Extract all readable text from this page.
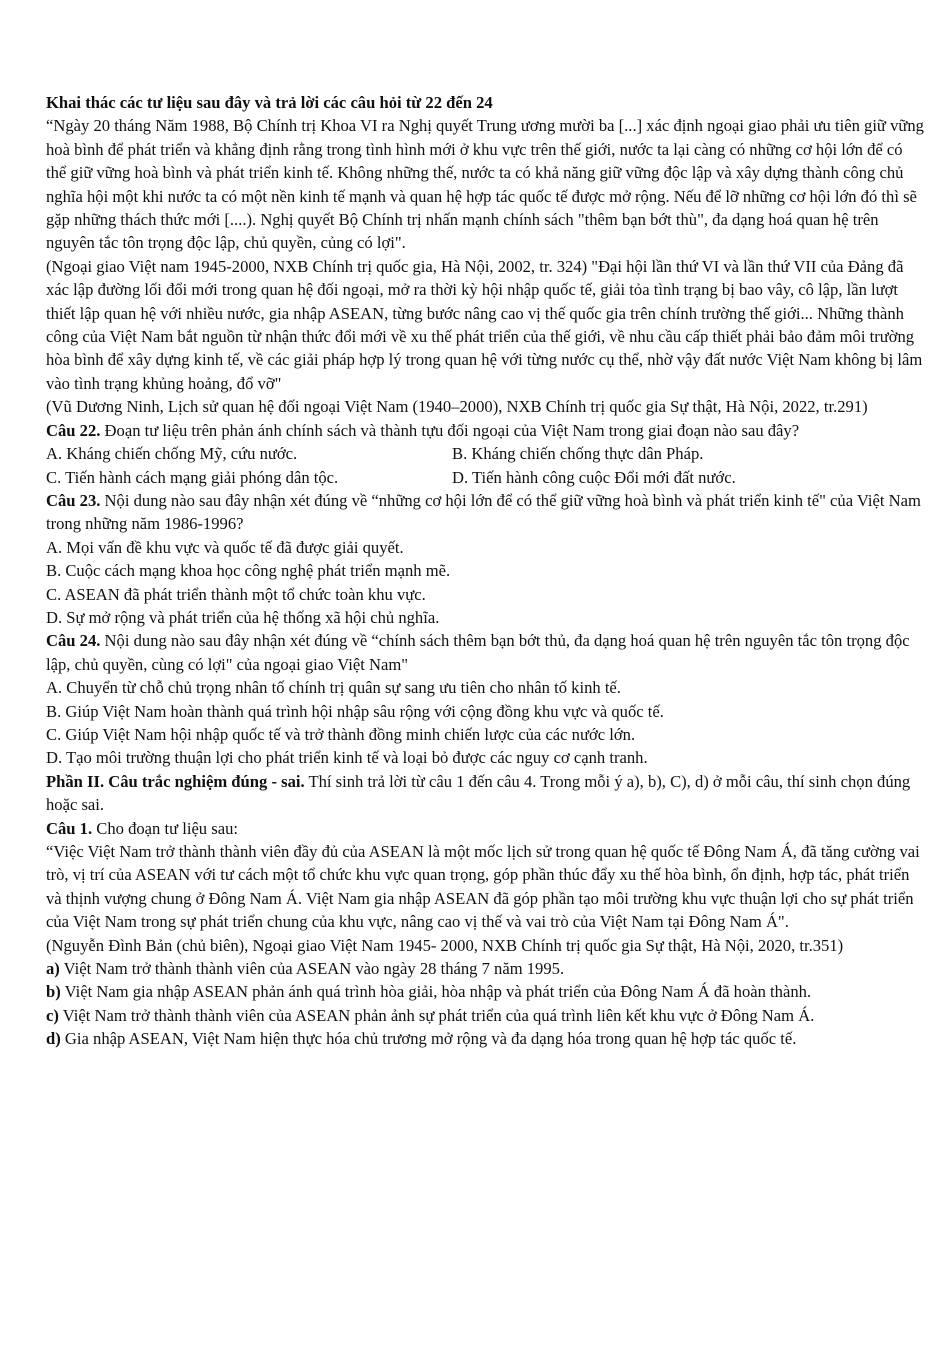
Khai thác các tư liệu sau đây và trả lời các câu hỏi từ 22 đến 24

“Ngày 20 tháng Năm 1988, Bộ Chính trị Khoa VI ra Nghị quyết Trung ương mười ba [...] xác định ngoại giao phải ưu tiên giữ vững hoà bình để phát triển và khẳng định rằng trong tình hình mới ở khu vực trên thế giới, nước ta lại càng có những cơ hội lớn để có thể giữ vững hoà bình và phát triển kinh tế. Không những thế, nước ta có khả năng giữ vững độc lập và xây dựng thành công chủ nghĩa hội một khi nước ta có một nền kinh tế mạnh và quan hệ hợp tác quốc tế được mở rộng. Nếu để lỡ những cơ hội lớn đó thì sẽ gặp những thách thức mới [....). Nghị quyết Bộ Chính trị nhấn mạnh chính sách "thêm bạn bớt thù", đa dạng hoá quan hệ trên nguyên tắc tôn trọng độc lập, chủ quyền, củng có lợi".

(Ngoại giao Việt nam 1945-2000, NXB Chính trị quốc gia, Hà Nội, 2002, tr. 324) "Đại hội lần thứ VI và lần thứ VII của Đảng đã xác lập đường lối đổi mới trong quan hệ đối ngoại, mở ra thời kỳ hội nhập quốc tế, giải tỏa tình trạng bị bao vây, cô lập, lần lượt thiết lập quan hệ với nhiều nước, gia nhập ASEAN, từng bước nâng cao vị thế quốc gia trên chính trường thế giới... Những thành công của Việt Nam bắt nguồn từ nhận thức đổi mới về xu thế phát triển của thế giới, về nhu cầu cấp thiết phải bảo đảm môi trường hòa bình để xây dựng kinh tế, về các giải pháp hợp lý trong quan hệ với từng nước cụ thể, nhờ vậy đất nước Việt Nam không bị lâm vào tình trạng khủng hoảng, đổ vỡ"

(Vũ Dương Ninh, Lịch sử quan hệ đối ngoại Việt Nam (1940–2000), NXB Chính trị quốc gia Sự thật, Hà Nội, 2022, tr.291)

Câu 22. Đoạn tư liệu trên phản ánh chính sách và thành tựu đối ngoại của Việt Nam trong giai đoạn nào sau đây?

A. Kháng chiến chống Mỹ, cứu nước.	B. Kháng chiến chống thực dân Pháp.
C. Tiến hành cách mạng giải phóng dân tộc.	D. Tiến hành công cuộc Đổi mới đất nước.

Câu 23. Nội dung nào sau đây nhận xét đúng về “những cơ hội lớn để có thể giữ vững hoà bình và phát triển kinh tế" của Việt Nam trong những năm 1986-1996?

A. Mọi vấn đề khu vực và quốc tế đã được giải quyết.

B. Cuộc cách mạng khoa học công nghệ phát triển mạnh mẽ.

C. ASEAN đã phát triển thành một tổ chức toàn khu vực.

D. Sự mở rộng và phát triển của hệ thống xã hội chủ nghĩa.

Câu 24. Nội dung nào sau đây nhận xét đúng về “chính sách thêm bạn bớt thủ, đa dạng hoá quan hệ trên nguyên tắc tôn trọng độc lập, chủ quyền, cùng có lợi" của ngoại giao Việt Nam"

A. Chuyển từ chỗ chủ trọng nhân tố chính trị quân sự sang ưu tiên cho nhân tố kinh tế.

B. Giúp Việt Nam hoàn thành quá trình hội nhập sâu rộng với cộng đồng khu vực và quốc tế.

C. Giúp Việt Nam hội nhập quốc tế và trở thành đồng minh chiến lược của các nước lớn.

D. Tạo môi trường thuận lợi cho phát triển kinh tế và loại bỏ được các nguy cơ cạnh tranh.

Phần II. Câu trắc nghiệm đúng - sai. Thí sinh trả lời từ câu 1 đến câu 4. Trong mỗi ý a), b), C), d) ở mỗi câu, thí sinh chọn đúng hoặc sai.

Câu 1. Cho đoạn tư liệu sau:

“Việc Việt Nam trở thành thành viên đầy đủ của ASEAN là một mốc lịch sử trong quan hệ quốc tế Đông Nam Á, đã tăng cường vai trò, vị trí của ASEAN với tư cách một tổ chức khu vực quan trọng, góp phần thúc đẩy xu thế hòa bình, ổn định, hợp tác, phát triển và thịnh vượng chung ở Đông Nam Á. Việt Nam gia nhập ASEAN đã góp phần tạo môi trường khu vực thuận lợi cho sự phát triển của Việt Nam trong sự phát triển chung của khu vực, nâng cao vị thế và vai trò của Việt Nam tại Đông Nam Á".

(Nguyễn Đình Bản (chủ biên), Ngoại giao Việt Nam 1945- 2000, NXB Chính trị quốc gia Sự thật, Hà Nội, 2020, tr.351)

a) Việt Nam trở thành thành viên của ASEAN vào ngày 28 tháng 7 năm 1995.

b) Việt Nam gia nhập ASEAN phản ánh quá trình hòa giải, hòa nhập và phát triển của Đông Nam Á đã hoàn thành.

c) Việt Nam trở thành thành viên của ASEAN phản ảnh sự phát triển của quá trình liên kết khu vực ở Đông Nam Á.

d) Gia nhập ASEAN, Việt Nam hiện thực hóa chủ trương mở rộng và đa dạng hóa trong quan hệ hợp tác quốc tế.
